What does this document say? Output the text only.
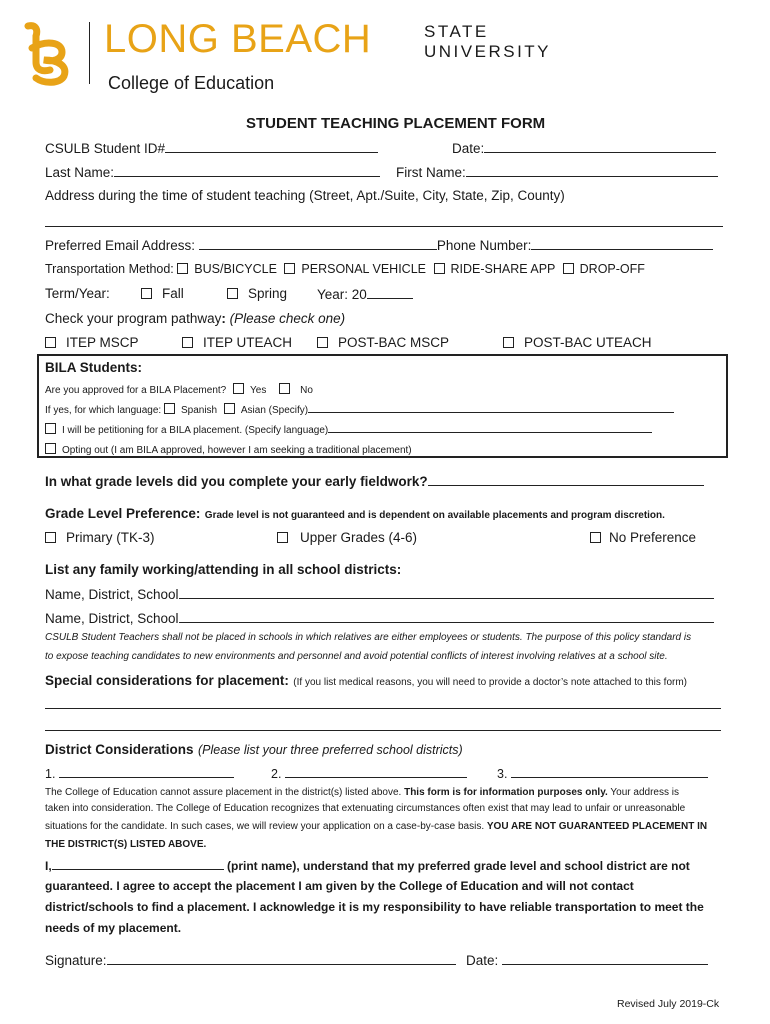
LONG BEACH	STATE
UNIVERSITY
College of Education
STUDENT TEACHING PLACEMENT FORM
CSULB Student ID#	Date:
Last Name:	First Name:
Address during the time of student teaching (Street, Apt./Suite, City, State, Zip, County)
Preferred Email Address:	Phone Number:
Transportation Method: BUS/BICYCLE PERSONAL VEHICLE RIDE-SHARE APP DROP-OFF
Term/Year:	Fall	Spring Year: 20
Check your program pathway: (Please check one)
ITEP MSCP	ITEP UTEACH	POST-BAC MSCP	POST-BAC UTEACH
BILA Students:
Are you approved for a BILA Placement? Yes	No
If yes, for which language: Spanish Asian (Specify)
I will be petitioning for a BILA placement. (Specify language)
Opting out (I am BILA approved, however I am seeking a traditional placement)
In what grade levels did you complete your early fieldwork?
Grade Level Preference: Grade level is not guaranteed and is dependent on available placements and program discretion.
Primary (TK-3)	Upper Grades (4-6)	No Preference
List any family working/attending in all school districts:
Name, District, School
Name, District, School
CSULB Student Teachers shall not be placed in schools in which relatives are either employees or students. The purpose of this policy standard is
to expose teaching candidates to new environments and personnel and avoid potential conflicts of interest involving relatives at a school site.
Special considerations for placement: (If you list medical reasons, you will need to provide a doctor’s note attached to this form)
District Considerations (Please list your three preferred school districts)
1.	2.	3.
The College of Education cannot assure placement in the district(s) listed above. This form is for information purposes only. Your address is
taken into consideration. The College of Education recognizes that extenuating circumstances often exist that may lead to unfair or unreasonable
situations for the candidate. In such cases, we will review your application on a case-by-case basis. YOU ARE NOT GUARANTEED PLACEMENT IN
THE DISTRICT(S) LISTED ABOVE.
I,	(print name), understand that my preferred grade level and school district are not
guaranteed. I agree to accept the placement I am given by the College of Education and will not contact
district/schools to find a placement. I acknowledge it is my responsibility to have reliable transportation to meet the
needs of my placement.
Signature:	Date:
Revised July 2019-Ck
